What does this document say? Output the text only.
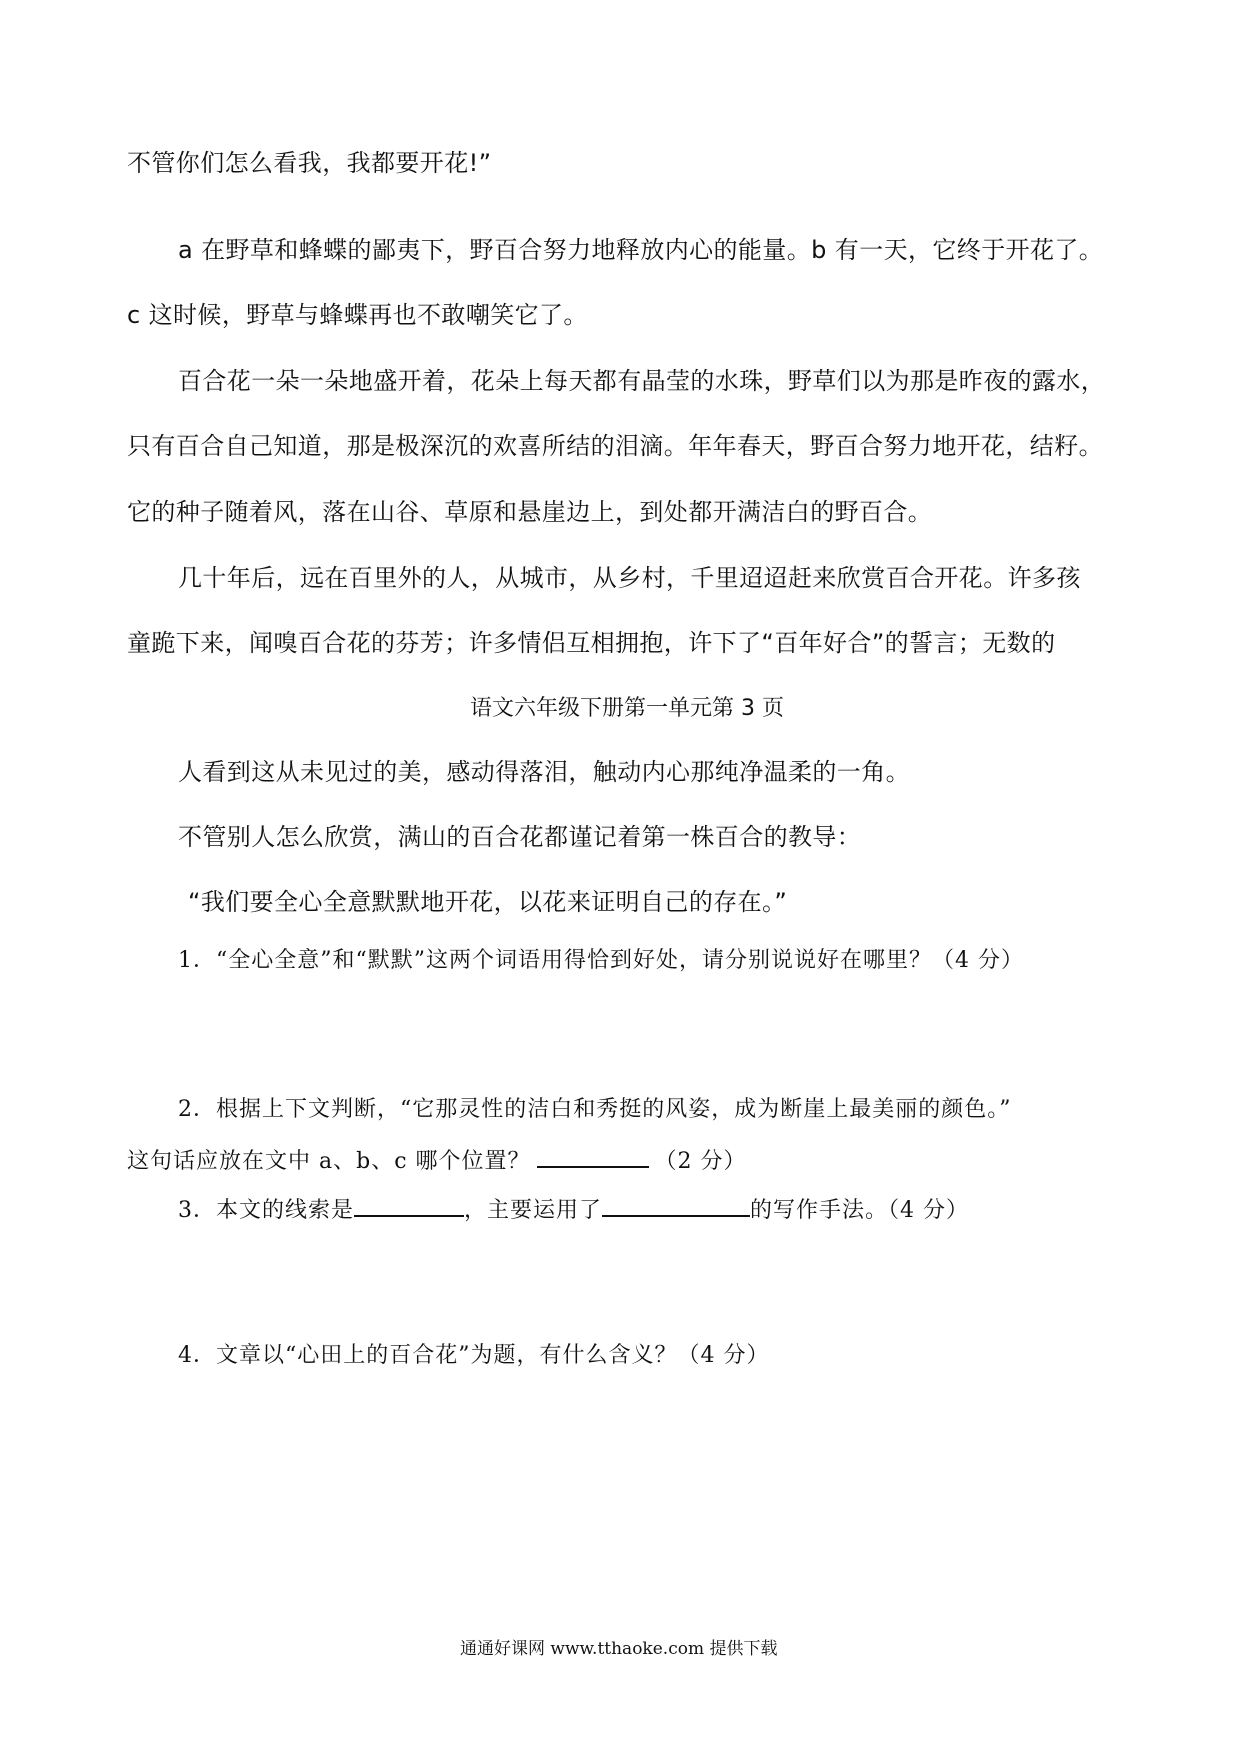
不管你们怎么看我，我都要开花!”
a 在野草和蜂蝶的鄙夷下，野百合努力地释放内心的能量。b 有一天，它终于开花了。
c 这时候，野草与蜂蝶再也不敢嘲笑它了。
百合花一朵一朵地盛开着，花朵上每天都有晶莹的水珠，野草们以为那是昨夜的露水，
只有百合自己知道，那是极深沉的欢喜所结的泪滴。年年春天，野百合努力地开花，结籽。
它的种子随着风，落在山谷、草原和悬崖边上，到处都开满洁白的野百合。
几十年后，远在百里外的人，从城市，从乡村，千里迢迢赶来欣赏百合开花。许多孩
童跪下来，闻嗅百合花的芬芳；许多情侣互相拥抱，许下了“百年好合”的誓言；无数的
语文六年级下册第一单元第 3 页
人看到这从未见过的美，感动得落泪，触动内心那纯净温柔的一角。
不管别人怎么欣赏，满山的百合花都谨记着第一株百合的教导：
“我们要全心全意默默地开花，以花来证明自己的存在。”
1．“全心全意”和“默默”这两个词语用得恰到好处，请分别说说好在哪里？（4 分）
2．根据上下文判断，“它那灵性的洁白和秀挺的风姿，成为断崖上最美丽的颜色。”
这句话应放在文中 a、b、c 哪个位置？	（2 分）
3．本文的线索是	，主要运用了	的写作手法。（4 分）
4．文章以“心田上的百合花”为题，有什么含义？（4 分）
通通好课网 www.tthaoke.com 提供下载
